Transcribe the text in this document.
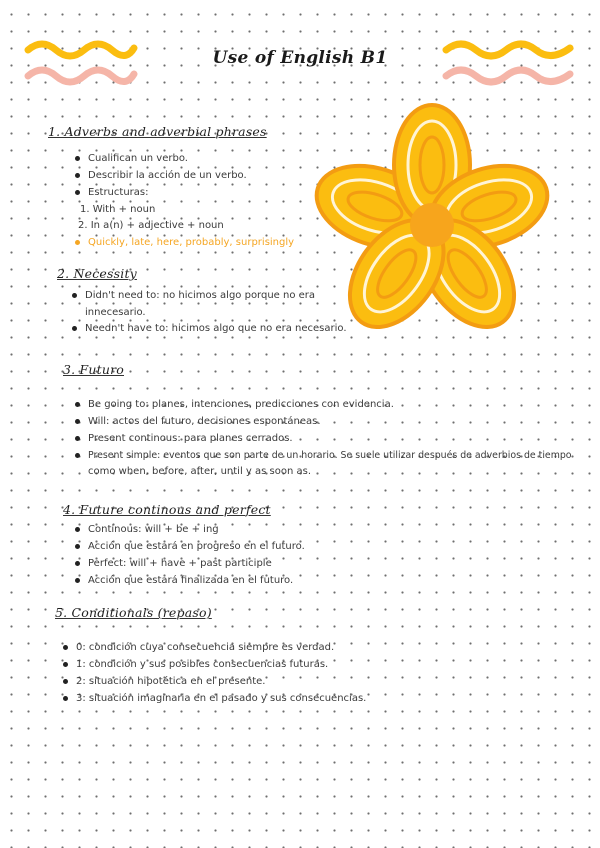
Use of English B1
1. Adverbs and adverbial phrases
Cualifican un verbo.
Describir la acción de un verbo.
Estructuras:
1. With + noun
2. In a(n) + adjective + noun
Quickly, late, here, probably, surprisingly
2. Necessity
Didn't need to: no hicimos algo porque no era
innecesario.
Needn't have to: hicimos algo que no era necesario.
3. Futuro
Be going to: planes, intenciones, predicciones con evidencia.
Will: actos del futuro, decisiones espontáneas.
Present continous: para planes cerrados.
Present simple: eventos que son parte de un horario. Se suele utilizar después de adverbios de tiempo
como when, before, after, until y as soon as.
4. Future continous and perfect
Continous: will + be + ing
Acción que estará en progreso en el futuro.
Perfect: will + have + past participle
Acción que estará finalizada en el futuro.
5. Conditionals (repaso)
0: condición cuya consecuencia siempre es verdad.
1: condición y sus posibles consecuencias futuras.
2: situación hipotética en el presente.
3: situación imaginaria en el pasado y sus consecuencias.
